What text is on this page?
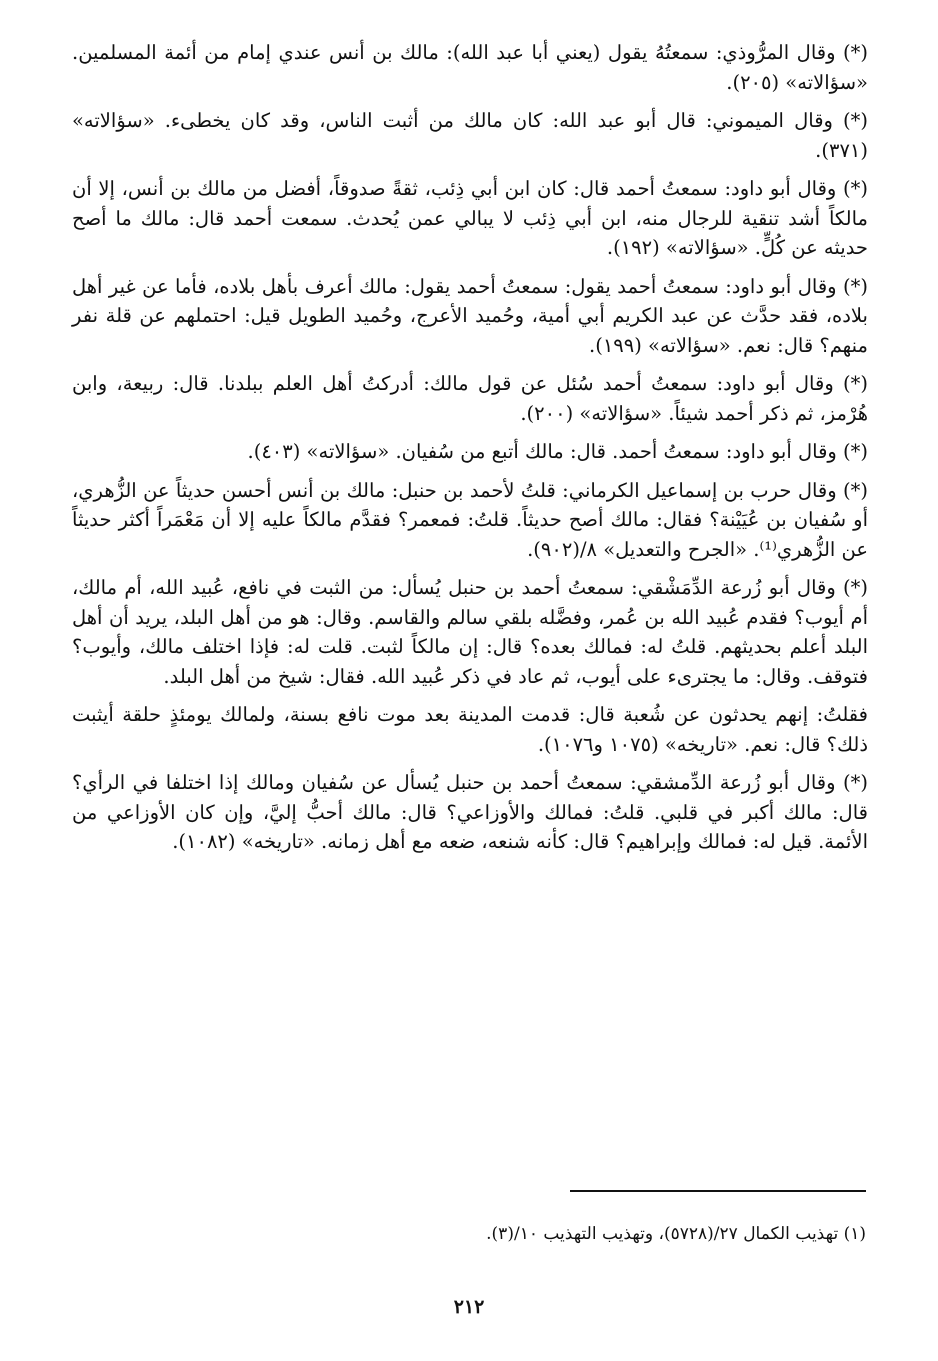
(*) وقال المرُّوذي: سمعتُهُ يقول (يعني أبا عبد الله): مالك بن أنس عندي إمام من أئمة المسلمين. «سؤالاته» (٢٠٥).

(*) وقال الميموني: قال أبو عبد الله: كان مالك من أثبت الناس، وقد كان يخطىء. «سؤالاته» (٣٧١).

(*) وقال أبو داود: سمعتُ أحمد قال: كان ابن أبي ذِئب، ثقةً صدوقاً، أفضل من مالك بن أنس، إلا أن مالكاً أشد تنقية للرجال منه، ابن أبي ذِئب لا يبالي عمن يُحدث. سمعت أحمد قال: مالك ما أصح حديثه عن كُلٍّ. «سؤالاته» (١٩٢).

(*) وقال أبو داود: سمعتُ أحمد يقول: سمعتُ أحمد يقول: مالك أعرف بأهل بلاده، فأما عن غير أهل بلاده، فقد حدَّث عن عبد الكريم أبي أمية، وحُميد الأعرج، وحُميد الطويل قيل: احتملهم عن قلة نفر منهم؟ قال: نعم. «سؤالاته» (١٩٩).

(*) وقال أبو داود: سمعتُ أحمد سُئل عن قول مالك: أدركتُ أهل العلم ببلدنا. قال: ربيعة، وابن هُرْمز، ثم ذكر أحمد شيئاً. «سؤالاته» (٢٠٠).

(*) وقال أبو داود: سمعتُ أحمد. قال: مالك أتبع من سُفيان. «سؤالاته» (٤٠٣).

(*) وقال حرب بن إسماعيل الكرماني: قلتُ لأحمد بن حنبل: مالك بن أنس أحسن حديثاً عن الزُّهري، أو سُفيان بن عُيَيْنة؟ فقال: مالك أصح حديثاً. قلتُ: فمعمر؟ فقدَّم مالكاً عليه إلا أن مَعْمَراً أكثر حديثاً عن الزُّهري⁽¹⁾. «الجرح والتعديل» ٨/(٩٠٢).

(*) وقال أبو زُرعة الدِّمَشْقي: سمعتُ أحمد بن حنبل يُسأل: من الثبت في نافع، عُبيد الله، أم مالك، أم أيوب؟ فقدم عُبيد الله بن عُمر، وفضَّله بلقي سالم والقاسم. وقال: هو من أهل البلد، يريد أن أهل البلد أعلم بحديثهم. قلتُ له: فمالك بعده؟ قال: إن مالكاً لثبت. قلت له: فإذا اختلف مالك، وأيوب؟ فتوقف. وقال: ما يجترىء على أيوب، ثم عاد في ذكر عُبيد الله. فقال: شيخ من أهل البلد.

فقلتُ: إنهم يحدثون عن شُعبة قال: قدمت المدينة بعد موت نافع بسنة، ولمالك يومئذٍ حلقة أيثبت ذلك؟ قال: نعم. «تاريخه» (١٠٧٥ و١٠٧٦).

(*) وقال أبو زُرعة الدِّمشقي: سمعتُ أحمد بن حنبل يُسأل عن سُفيان ومالك إذا اختلفا في الرأي؟ قال: مالك أكبر في قلبي. قلتُ: فمالك والأوزاعي؟ قال: مالك أحبُّ إليَّ، وإن كان الأوزاعي من الأئمة. قيل له: فمالك وإبراهيم؟ قال: كأنه شنعه، ضعه مع أهل زمانه. «تاريخه» (١٠٨٢).

(١) تهذيب الكمال ٢٧/(٥٧٢٨)، وتهذيب التهذيب ١٠/(٣).
٢١٢
